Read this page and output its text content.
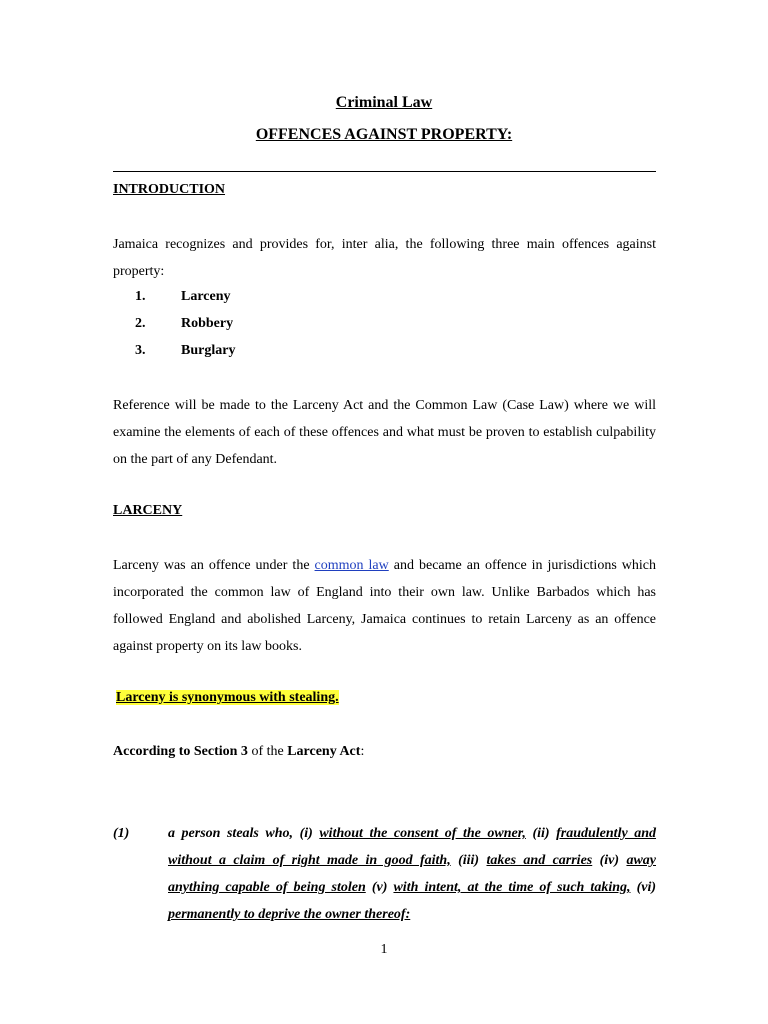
Criminal Law
OFFENCES AGAINST PROPERTY:
INTRODUCTION
Jamaica recognizes and provides for, inter alia, the following three main offences against property:
1.	Larceny
2.	Robbery
3.	Burglary
Reference will be made to the Larceny Act and the Common Law (Case Law) where we will examine the elements of each of these offences and what must be proven to establish culpability on the part of any Defendant.
LARCENY
Larceny was an offence under the common law and became an offence in jurisdictions which incorporated the common law of England into their own law. Unlike Barbados which has followed England and abolished Larceny, Jamaica continues to retain Larceny as an offence against property on its law books.
Larceny is synonymous with stealing.
According to Section 3 of the Larceny Act:
(1)	a person steals who, (i) without the consent of the owner, (ii) fraudulently and without a claim of right made in good faith, (iii) takes and carries (iv) away anything capable of being stolen (v) with intent, at the time of such taking, (vi) permanently to deprive the owner thereof:
1
